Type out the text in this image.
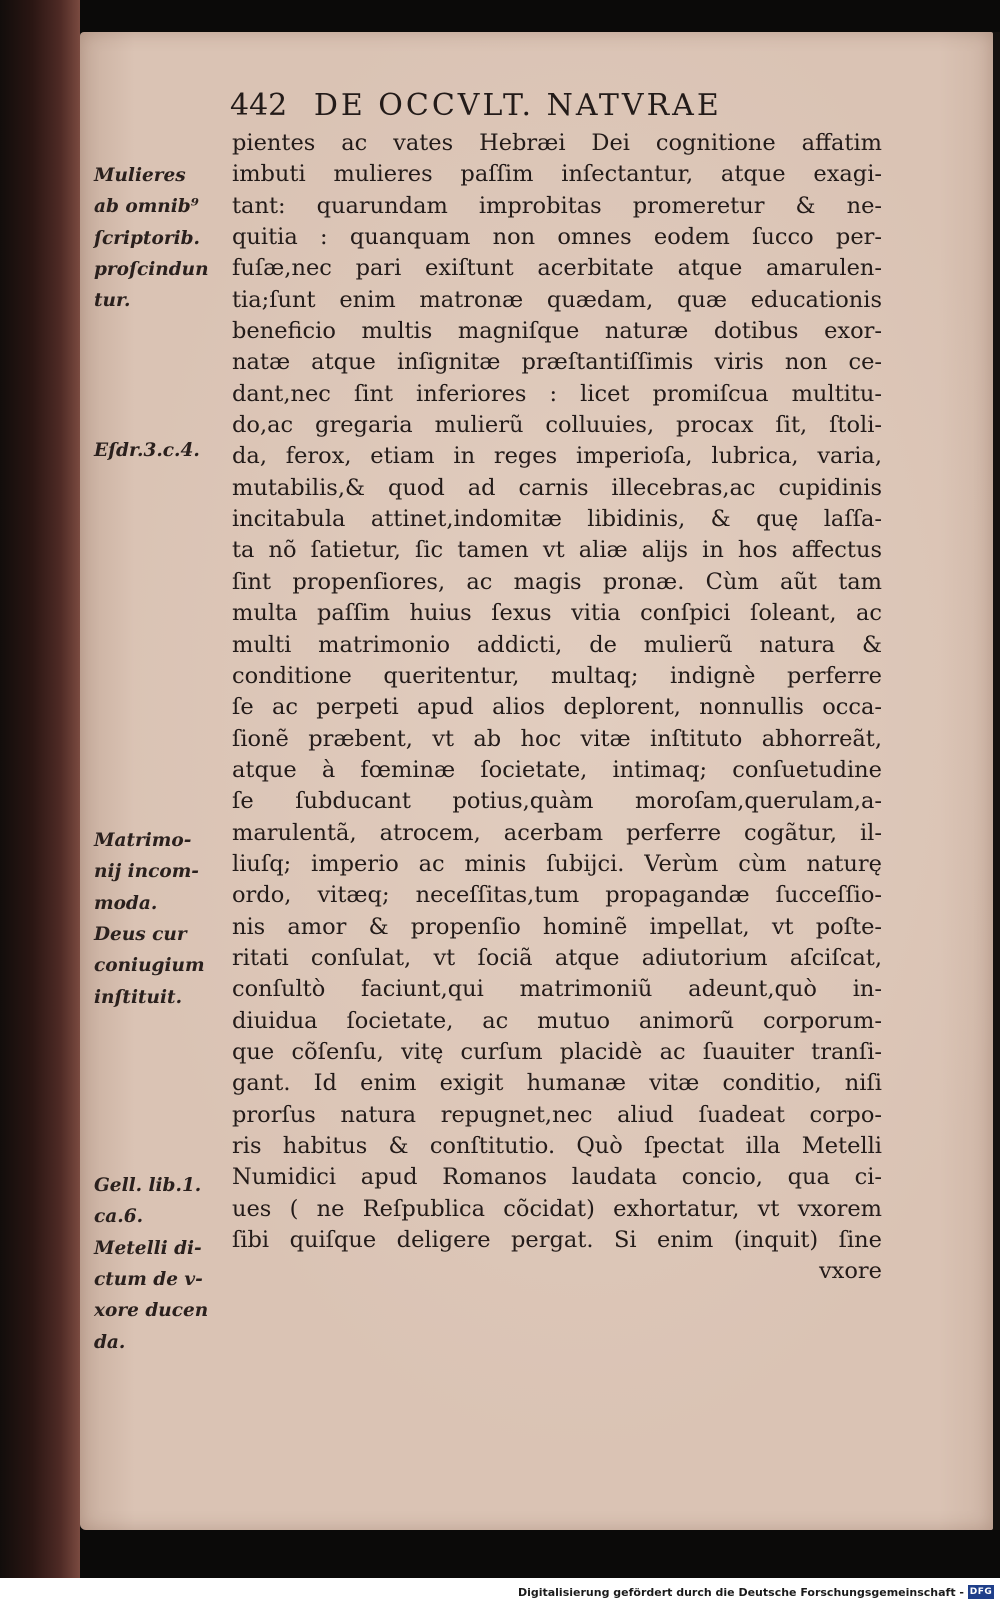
442 DE OCCVLT. NATVRAE
pientes ac vates Hebræi Dei cognitione affatim
imbuti mulieres paſſim inſectantur, atque exagi-
tant: quarundam improbitas promeretur & ne-
quitia : quanquam non omnes eodem ſucco per-
fuſæ,nec pari exiſtunt acerbitate atque amarulen-
tia;ſunt enim matronæ quædam, quæ educationis
beneficio multis magniſque naturæ dotibus exor-
natæ atque inſignitæ præſtantiſſimis viris non ce-
dant,nec ſint inferiores : licet promiſcua multitu-
do,ac gregaria mulierũ colluuies, procax ſit, ſtoli-
da, ferox, etiam in reges imperioſa, lubrica, varia,
mutabilis,& quod ad carnis illecebras,ac cupidinis
incitabula attinet,indomitæ libidinis, & quę laſſa-
ta nõ ſatietur, ſic tamen vt aliæ alijs in hos affectus
ſint propenſiores, ac magis pronæ. Cùm aũt tam
multa paſſim huius ſexus vitia conſpici ſoleant, ac
multi matrimonio addicti, de mulierũ natura &
conditione queritentur, multaq; indignè perferre
ſe ac perpeti apud alios deplorent, nonnullis occa-
ſionẽ præbent, vt ab hoc vitæ inſtituto abhorreãt,
atque à fœminæ ſocietate, intimaq; conſuetudine
ſe ſubducant potius,quàm moroſam,querulam,a-
marulentã, atrocem, acerbam perferre cogãtur, il-
liuſq; imperio ac minis ſubijci. Verùm cùm naturę
ordo, vitæq; neceſſitas,tum propagandæ ſucceſſio-
nis amor & propenſio hominẽ impellat, vt poſte-
ritati conſulat, vt ſociã atque adiutorium aſciſcat,
conſultò faciunt,qui matrimoniũ adeunt,quò in-
diuidua ſocietate, ac mutuo animorũ corporum-
que cõſenſu, vitę curſum placidè ac ſuauiter tranſi-
gant. Id enim exigit humanæ vitæ conditio, niſi
prorſus natura repugnet,nec aliud ſuadeat corpo-
ris habitus & conſtitutio. Quò ſpectat illa Metelli
Numidici apud Romanos laudata concio, qua ci-
ues ( ne Reſpublica cõcidat) exhortatur, vt vxorem
ſibi quiſque deligere pergat. Si enim (inquit) ſine
vxore
Mulieres
ab omnib⁹
ſcriptorib.
proſcindun
tur.
Eſdr.3.c.4.
Matrimo-
nij incom-
moda.
Deus cur
coniugium
inſtituit.
Gell. lib.1.
ca.6.
Metelli di-
ctum de v-
xore ducen
da.
Digitalisierung gefördert durch die Deutsche Forschungsgemeinschaft - DFG
